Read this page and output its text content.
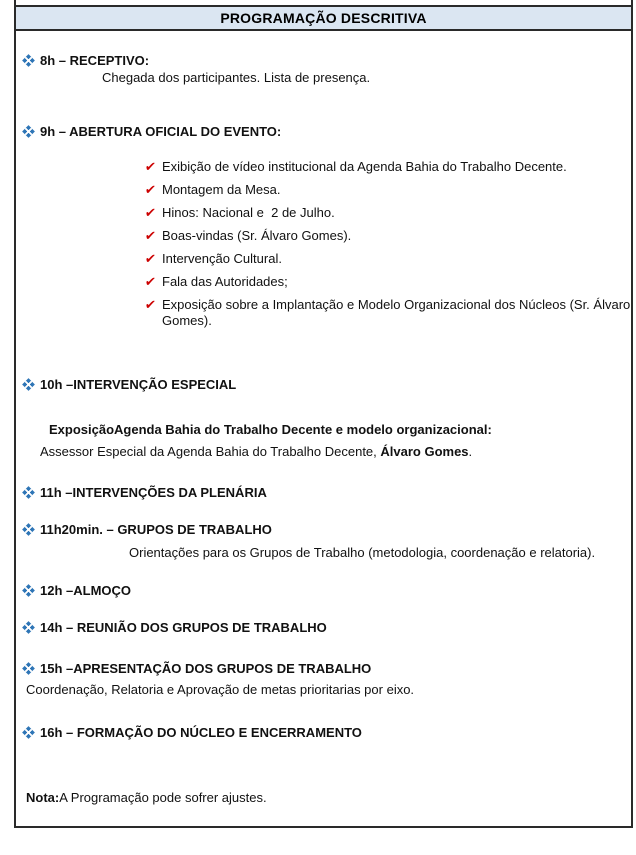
PROGRAMAÇÃO DESCRITIVA
8h – RECEPTIVO:
Chegada dos participantes. Lista de presença.
9h – ABERTURA OFICIAL DO EVENTO:
✔ Exibição de vídeo institucional da Agenda Bahia do Trabalho Decente.
✔ Montagem da Mesa.
✔ Hinos: Nacional e  2 de Julho.
✔ Boas-vindas (Sr. Álvaro Gomes).
✔ Intervenção Cultural.
✔ Fala das Autoridades;
✔ Exposição sobre a Implantação e Modelo Organizacional dos Núcleos (Sr. Álvaro Gomes).
10h –INTERVENÇÃO ESPECIAL
ExposiçãoAgenda Bahia do Trabalho Decente e modelo organizacional:
Assessor Especial da Agenda Bahia do Trabalho Decente, Álvaro Gomes.
11h –INTERVENÇÕES DA PLENÁRIA
11h20min. – GRUPOS DE TRABALHO
Orientações para os Grupos de Trabalho (metodologia, coordenação e relatoria).
12h –ALMOÇO
14h – REUNIÃO DOS GRUPOS DE TRABALHO
15h –APRESENTAÇÃO DOS GRUPOS DE TRABALHO
Coordenação, Relatoria e Aprovação de metas prioritarias por eixo.
16h – FORMAÇÃO DO NÚCLEO E ENCERRAMENTO
Nota:A Programação pode sofrer ajustes.
